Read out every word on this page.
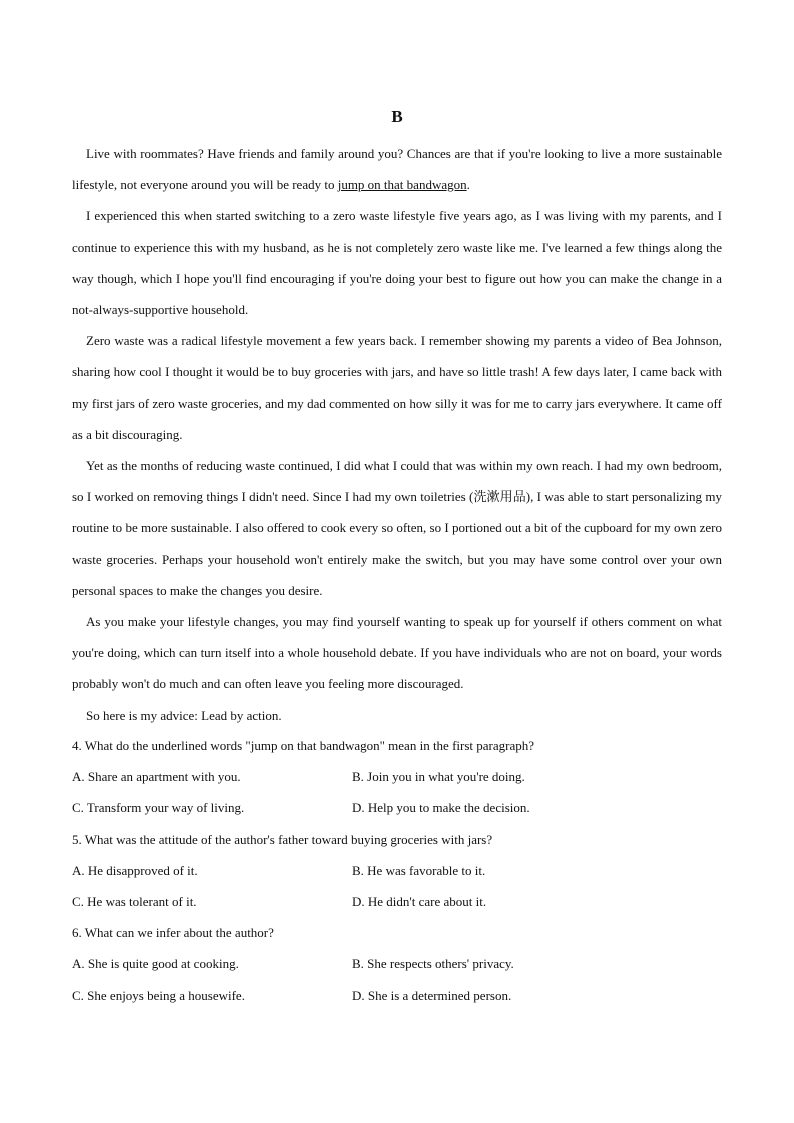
B

Live with roommates? Have friends and family around you? Chances are that if you're looking to live a more sustainable lifestyle, not everyone around you will be ready to jump on that bandwagon.

I experienced this when started switching to a zero waste lifestyle five years ago, as I was living with my parents, and I continue to experience this with my husband, as he is not completely zero waste like me. I've learned a few things along the way though, which I hope you'll find encouraging if you're doing your best to figure out how you can make the change in a not-always-supportive household.

Zero waste was a radical lifestyle movement a few years back. I remember showing my parents a video of Bea Johnson, sharing how cool I thought it would be to buy groceries with jars, and have so little trash! A few days later, I came back with my first jars of zero waste groceries, and my dad commented on how silly it was for me to carry jars everywhere. It came off as a bit discouraging.

Yet as the months of reducing waste continued, I did what I could that was within my own reach. I had my own bedroom, so I worked on removing things I didn't need. Since I had my own toiletries (洗漱用品), I was able to start personalizing my routine to be more sustainable. I also offered to cook every so often, so I portioned out a bit of the cupboard for my own zero waste groceries. Perhaps your household won't entirely make the switch, but you may have some control over your own personal spaces to make the changes you desire.

As you make your lifestyle changes, you may find yourself wanting to speak up for yourself if others comment on what you're doing, which can turn itself into a whole household debate. If you have individuals who are not on board, your words probably won't do much and can often leave you feeling more discouraged.

So here is my advice: Lead by action.

4. What do the underlined words "jump on that bandwagon" mean in the first paragraph?

A. Share an apartment with you.	B. Join you in what you're doing.
C. Transform your way of living.	D. Help you to make the decision.

5. What was the attitude of the author's father toward buying groceries with jars?

A. He disapproved of it.	B. He was favorable to it.
C. He was tolerant of it.	D. He didn't care about it.

6. What can we infer about the author?

A. She is quite good at cooking.	B. She respects others' privacy.
C. She enjoys being a housewife.	D. She is a determined person.
